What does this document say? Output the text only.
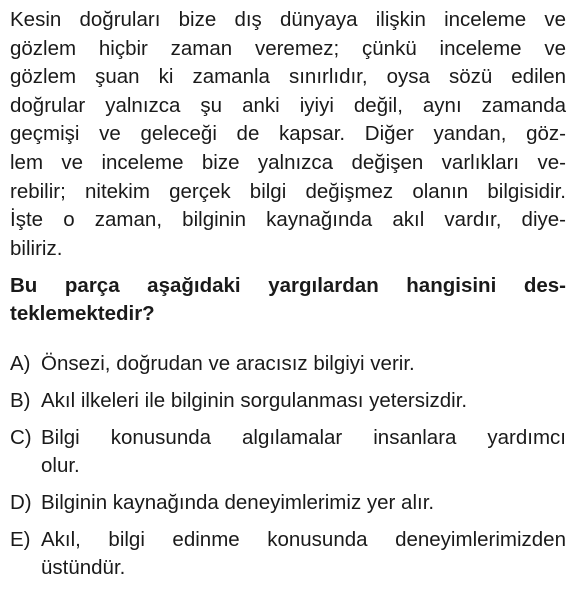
Kesin doğruları bize dış dünyaya ilişkin inceleme ve
gözlem hiçbir zaman veremez; çünkü inceleme ve
gözlem şuan ki zamanla sınırlıdır, oysa sözü edilen
doğrular yalnızca şu anki iyiyi değil, aynı zamanda
geçmişi ve geleceği de kapsar. Diğer yandan, göz-
lem ve inceleme bize yalnızca değişen varlıkları ve-
rebilir; nitekim gerçek bilgi değişmez olanın bilgisidir.
İşte o zaman, bilginin kaynağında akıl vardır, diye-
biliriz.

Bu parça aşağıdaki yargılardan hangisini des-
teklemektedir?
A) Önsezi, doğrudan ve aracısız bilgiyi verir.
B) Akıl ilkeleri ile bilginin sorgulanması yetersizdir.
C) Bilgi konusunda algılamalar insanlara yardımcı
olur.
D) Bilginin kaynağında deneyimlerimiz yer alır.
E) Akıl, bilgi edinme konusunda deneyimlerimizden
üstündür.
